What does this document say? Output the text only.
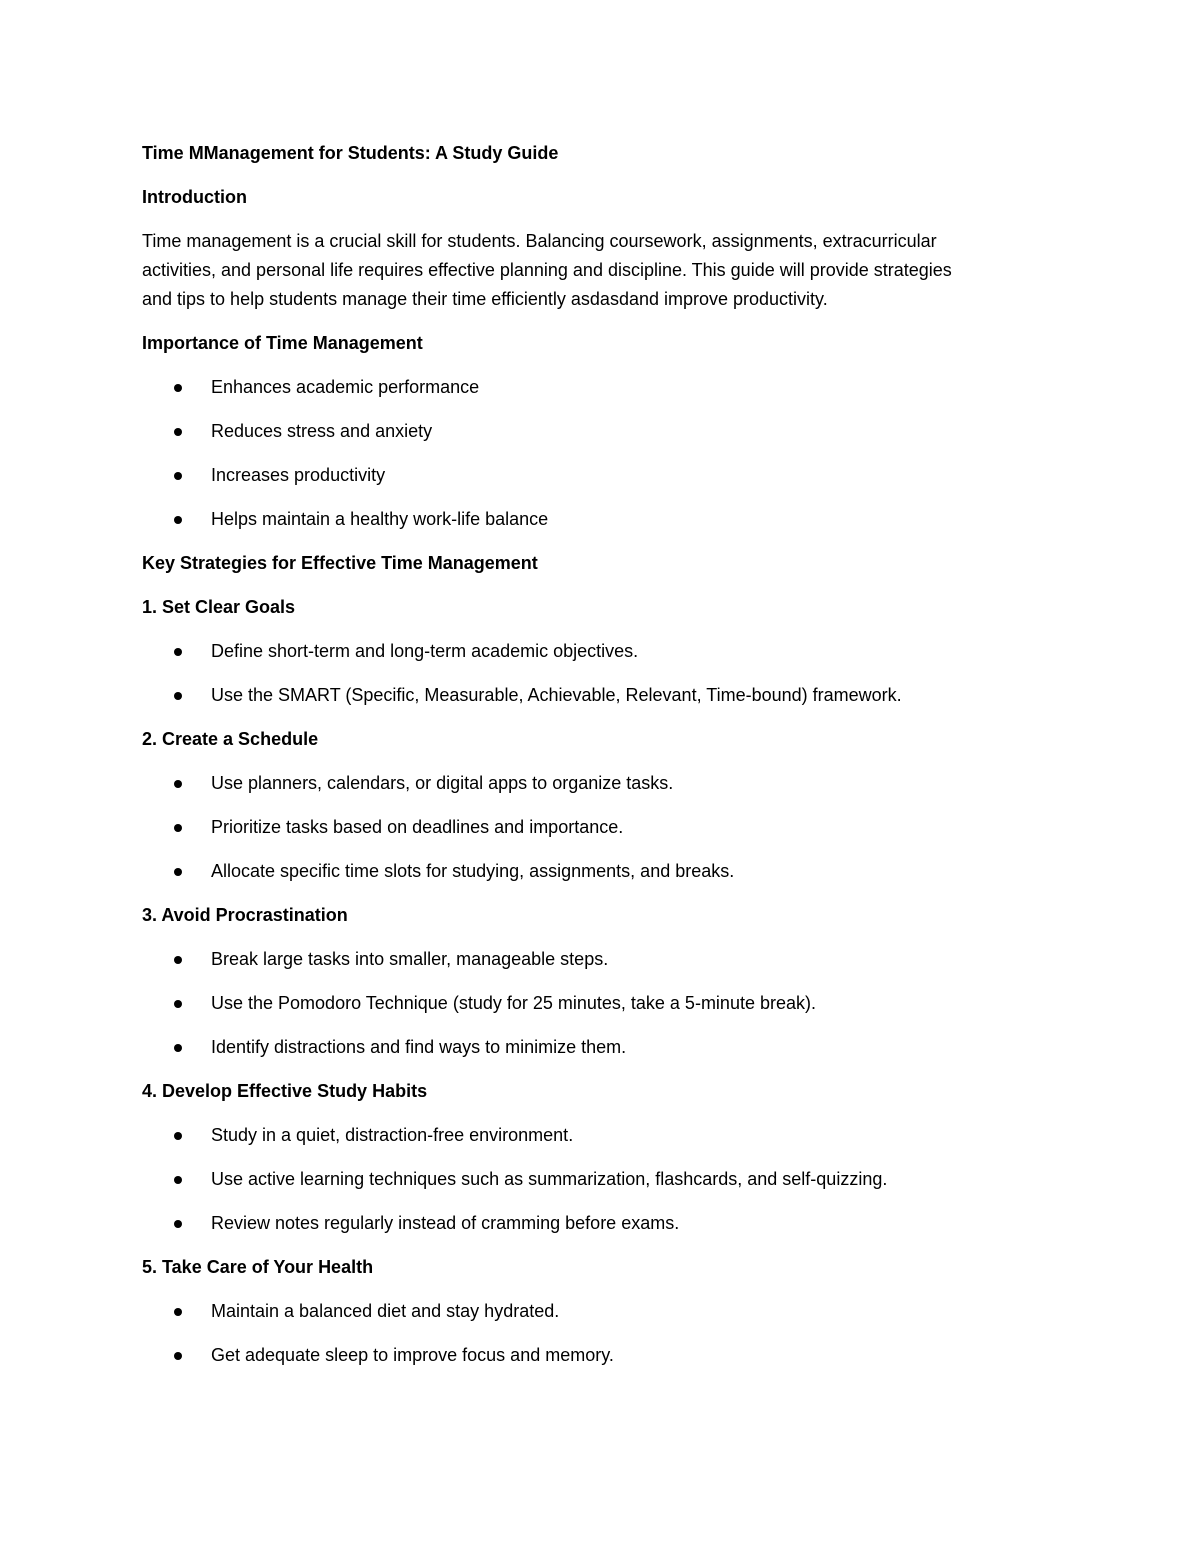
Time MManagement for Students: A Study Guide

Introduction

Time management is a crucial skill for students. Balancing coursework, assignments, extracurricular

activities, and personal life requires effective planning and discipline. This guide will provide strategies

and tips to help students manage their time efficiently asdasdand improve productivity.

Importance of Time Management

Enhances academic performance
Reduces stress and anxiety
Increases productivity
Helps maintain a healthy work-life balance

Key Strategies for Effective Time Management

1. Set Clear Goals

Define short-term and long-term academic objectives.
Use the SMART (Specific, Measurable, Achievable, Relevant, Time-bound) framework.

2. Create a Schedule

Use planners, calendars, or digital apps to organize tasks.
Prioritize tasks based on deadlines and importance.
Allocate specific time slots for studying, assignments, and breaks.

3. Avoid Procrastination

Break large tasks into smaller, manageable steps.
Use the Pomodoro Technique (study for 25 minutes, take a 5-minute break).
Identify distractions and find ways to minimize them.

4. Develop Effective Study Habits

Study in a quiet, distraction-free environment.
Use active learning techniques such as summarization, flashcards, and self-quizzing.
Review notes regularly instead of cramming before exams.

5. Take Care of Your Health

Maintain a balanced diet and stay hydrated.
Get adequate sleep to improve focus and memory.
